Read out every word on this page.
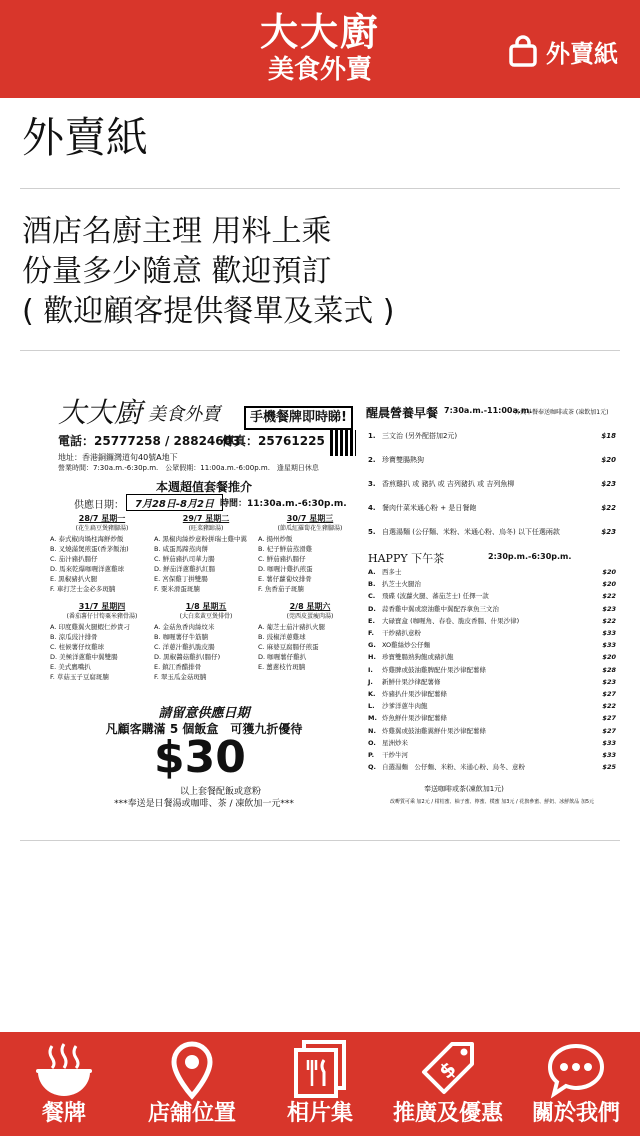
大大廚
美食外賣
外賣紙
外賣紙
酒店名廚主理 用料上乘
份量多少隨意 歡迎預訂
( 歡迎顧客提供餐單及菜式 )
大大廚 美食外賣	手機餐牌即時睇!
電話：25777258 / 28824603
傳真：25761225
地址：香港銅鑼灣道旬40號A地下
營業時間：7:30a.m.-6:30p.m.　公眾假期：11:00a.m.-6:00p.m.　逢星期日休息
本週超值套餐推介
供應日期：	7月28日-8月2日 時間：11:30a.m.-6:30p.m.
28/7 星期一
(花生扁豆煲豬腳湯)
A. 泰式椒肉堝柱海鮮炒飯
B. 叉燒滿煲煎蛋(香茅飯油)
C. 茄汁豬扒腸仔
D. 馬來乾爆咖喱洋蔥雞球
E. 黑椒豬扒火腿
F. 車打芝士金必多斑腩
29/7 星期二
(旺菜豬蹄湯)
A. 黑椒肉絲炒意粉拼瑞士雞中翼
B. 咸蛋馬蹄蒸肉餅
C. 鮮茄豬扒司華力腸
D. 鮮茄洋蔥雞扒紅腸
E. 宮保雞丁拼雙腸
F. 粟米滑蛋斑腩
30/7 星期三
(節瓜紅羅蔔花生豬腳湯)
A. 揚州炒飯
B. 杞子鮮茄蒸滑雞
C. 鮮茄豬扒腸仔
D. 咖喱汁雞扒煎蛋
E. 薯仔蘿蔔炆排骨
F. 魚香茄子斑腩
31/7 星期四
(番茄薯仔甘筍粟米豬骨湯)
A. 印度雞翼火腿蝦仁炒貴刁
B. 涼瓜豉汁排骨
C. 柱候薯仔炆雞球
D. 美極洋蔥雞中翼雙腸
E. 美式鷹嘴扒
F. 草菇玉子豆腐斑腩
1/8 星期五
(大白菜黃豆煲排骨)
A. 金菇魚香肉絲炆米
B. 咖喱薯仔牛筋腩
C. 洋蔥汁雞扒脆皮腸
D. 黑椒醬菇雞扒(腸仔)
E. 鎮江香醋排骨
F. 翠玉瓜金菇斑腩
2/8 星期六
(莞西皮蛋瘦肉湯)
A. 葡芝士茄汁豬扒火腿
B. 豉椒洋蔥雞球
C. 麻婆豆腐腸仔煎蛋
D. 咖喱薯仔雞扒
E. 薑蔥枝竹斑腩
請留意供應日期
凡顧客購滿 5 個飯盒　可獲九折優待
$30
以上套餐配飯或意粉
***奉送是日餐湯或咖啡、茶 / 凍飲加一元***
醒晨營養早餐 7:30a.m.-11:00a.m.
各式早餐奉送咖啡或茶 (凍飲加1元)
1. 三文治 (另外配搭加2元)	$18
2. 珍寶雙腸熱狗	$20
3. 香煎雞扒 或 豬扒 或 吉列豬扒 或 吉列魚柳	$23
4. 餐肉什菜米通心粉 + 是日餐飽	$22
5. 自選湯麵 (公仔麵、米粉、米通心粉、烏冬) 以下任選兩款	$23
HAPPY 下午茶	2:30p.m.-6:30p.m.
A. 西多士	$20
B. 扒芝士火腿治	$20
C. 飛碟 (波蘿火腿、蕃茄芝士) 任擇一款	$22
D. 蒜香雞中翼或滾油雞中翼配吞拿魚三文治	$23
E. 大碌寶盒 (咖喱角、春卷、脆皮香腸、什果沙律)	$22
F. 干炒豬扒意粉	$33
G. XO雞絲炒公仔麵	$33
H. 珍寶雙腸熟狗飽或豬扒飽	$20
I. 炸雞脾或鼓油雞脾配什果沙律配薯條	$28
J. 新鮮什果沙律配薯條	$23
K. 炸豬扒什果沙律配薯條	$27
L. 沙爹洋蔥牛肉飽	$22
M. 炸魚鮮什果沙律配薯條	$27
N. 炸雞翼或鼓油雞翼鮮什果沙律配薯條	$27
O. 星洲炒米	$33
P. 干炒牛河	$33
Q. 自選湯麵　公仔麵、米粉、米通心粉、烏冬、意粉	$25
奉送咖啡或茶(凍飲加1元)
改嘢質可乘 加2元 / 柑桔蜜、柚子蜜、檸蜜、樸蜜 加3元 / 花旗參蜜、鮮奶、冰鮮飲品 加5元
餐牌	店舖位置	相片集
$
推廣及優惠	關於我們
